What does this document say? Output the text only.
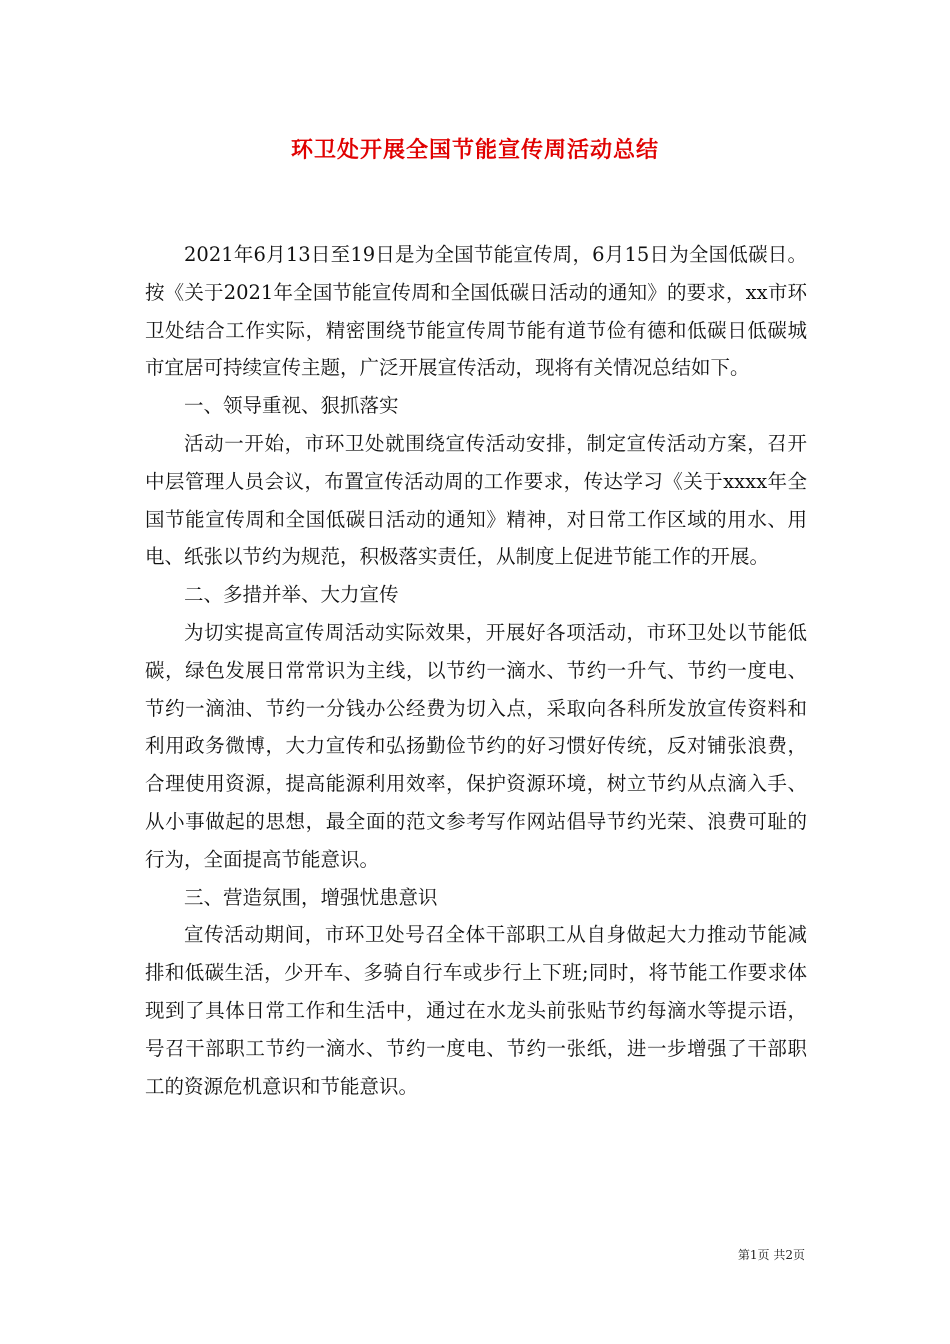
环卫处开展全国节能宣传周活动总结

2021年6月13日至19日是为全国节能宣传周，6月15日为全国低碳日。按《关于2021年全国节能宣传周和全国低碳日活动的通知》的要求，xx市环卫处结合工作实际，精密围绕节能宣传周节能有道节俭有德和低碳日低碳城市宜居可持续宣传主题，广泛开展宣传活动，现将有关情况总结如下。

一、领导重视、狠抓落实

活动一开始，市环卫处就围绕宣传活动安排，制定宣传活动方案，召开中层管理人员会议，布置宣传活动周的工作要求，传达学习《关于xxxx年全国节能宣传周和全国低碳日活动的通知》精神，对日常工作区域的用水、用电、纸张以节约为规范，积极落实责任，从制度上促进节能工作的开展。

二、多措并举、大力宣传

为切实提高宣传周活动实际效果，开展好各项活动，市环卫处以节能低碳，绿色发展日常常识为主线，以节约一滴水、节约一升气、节约一度电、节约一滴油、节约一分钱办公经费为切入点，采取向各科所发放宣传资料和利用政务微博，大力宣传和弘扬勤俭节约的好习惯好传统，反对铺张浪费，合理使用资源，提高能源利用效率，保护资源环境，树立节约从点滴入手、从小事做起的思想，最全面的范文参考写作网站倡导节约光荣、浪费可耻的行为，全面提高节能意识。

三、营造氛围，增强忧患意识

宣传活动期间，市环卫处号召全体干部职工从自身做起大力推动节能减排和低碳生活，少开车、多骑自行车或步行上下班;同时，将节能工作要求体现到了具体日常工作和生活中，通过在水龙头前张贴节约每滴水等提示语，号召干部职工节约一滴水、节约一度电、节约一张纸，进一步增强了干部职工的资源危机意识和节能意识。

第1页 共2页
